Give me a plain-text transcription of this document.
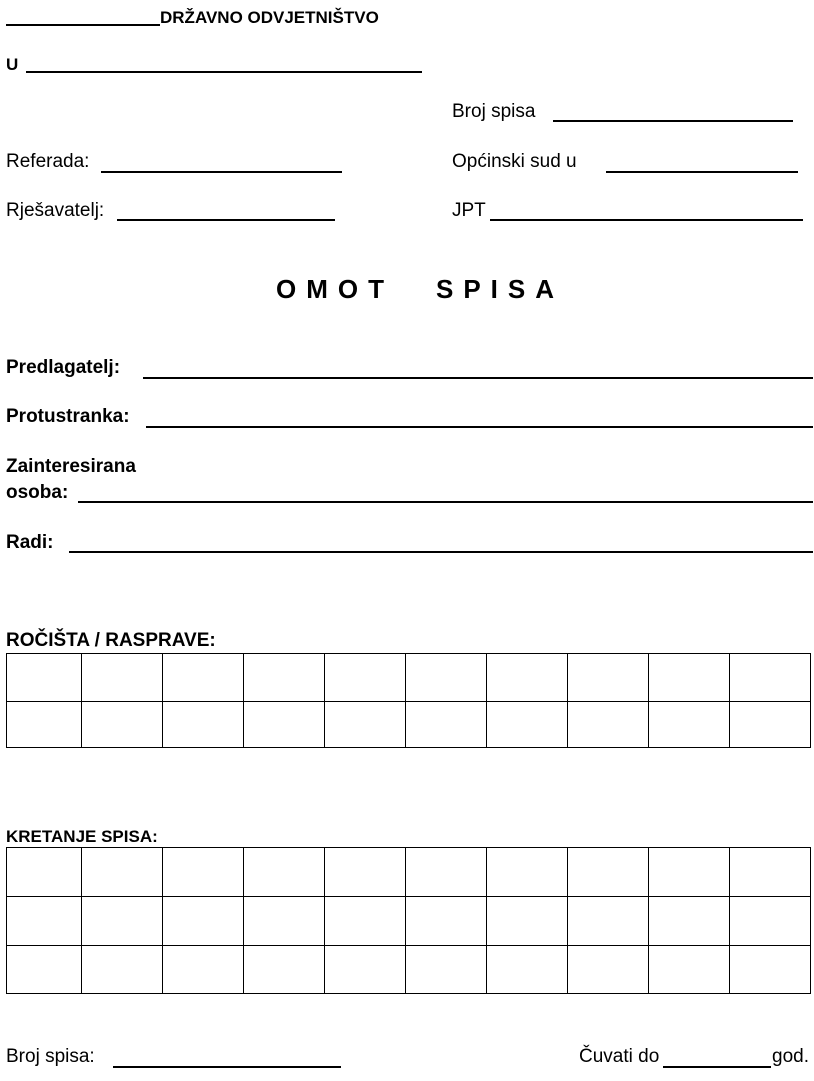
DRŽAVNO ODVJETNIŠTVO
U
Broj spisa
Referada:	Općinski sud u
Rješavatelj:	JPT
OMOT SPISA
Predlagatelj:
Protustranka:
Zainteresirana
osoba:
Radi:
ROČIŠTA / RASPRAVE:

KRETANJE SPISA:

Broj spisa:	Čuvati do	god.
